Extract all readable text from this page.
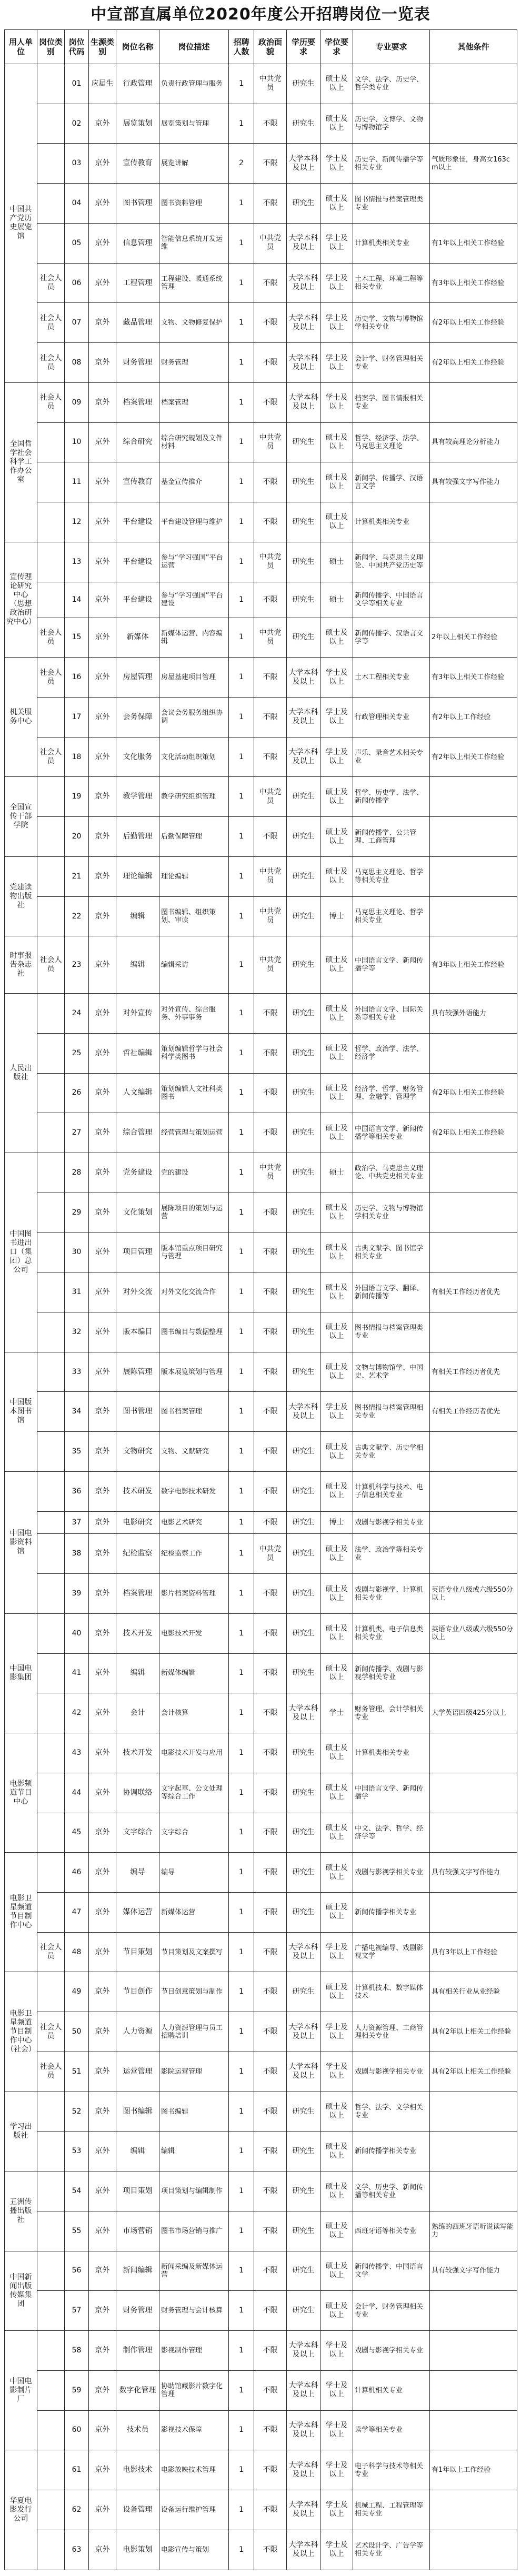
中宣部直属单位2020年度公开招聘岗位一览表
用人单位	岗位类别	岗位代码	生源类别	岗位名称	岗位描述	招聘人数	政治面貌	学历要求	学位要求	专业要求	其他条件
中国共产党历史展览馆		01	应届生	行政管理	负责行政管理与服务	1	中共党员	研究生	硕士及以上	文学、法学、历史学、哲学类专业	
		02	京外	展览策划	展览策划与管理	1	不限	研究生	硕士及以上	历史学、文博学、文物与博物馆学	
		03	京外	宣传教育	展览讲解	2	不限	大学本科及以上	学士及以上	历史学、新闻传播学等相关专业	气质形象佳，身高女163cm以上
		04	京外	图书管理	图书资料管理	1	不限	研究生	硕士及以上	图书情报与档案管理类专业	
		05	京外	信息管理	智能信息系统开发运维	1	中共党员	大学本科及以上	学士及以上	计算机类相关专业	有1年以上相关工作经验
	社会人员	06	京外	工程管理	工程建设、暖通系统管理	1	不限	大学本科及以上	学士及以上	土木工程、环境工程等相关专业	有3年以上相关工作经验
	社会人员	07	京外	藏品管理	文物、文物修复保护	1	不限	大学本科及以上	学士及以上	历史学、文物与博物馆学相关专业	有2年以上相关工作经验
	社会人员	08	京外	财务管理	财务管理	1	不限	大学本科及以上	学士及以上	会计学、财务管理相关专业	有2年以上相关工作经验
全国哲学社会科学工作办公室	社会人员	09	京外	档案管理	档案管理	1	不限	大学本科及以上	学士及以上	档案学、图书情报相关专业	
		10	京外	综合研究	综合研究规划及文件材料	1	中共党员	研究生	硕士及以上	哲学、经济学、法学、马克思主义理论	具有较高理论分析能力
		11	京外	宣传教育	基金宣传推介	1	不限	研究生	硕士及以上	新闻学、传播学、汉语言文学	具有较强文字写作能力
		12	京外	平台建设	平台建设管理与维护	1	不限	研究生	硕士及以上	计算机类相关专业	
宣传理论研究中心（思想政治研究中心）		13	京外	平台建设	参与“学习强国”平台运营	1	中共党员	研究生	硕士	新闻学、马克思主义理论、中国共产党历史等	
		14	京外	平台建设	参与“学习强国”平台建设	1	不限	研究生	硕士	新闻传播学、中国语言文学等相关专业	
	社会人员	15	京外	新媒体	新媒体运营、内容编辑	1	中共党员	研究生	硕士及以上	新闻传播学、汉语言文学等	2年以上相关工作经验
机关服务中心	社会人员	16	京外	房屋管理	房屋基建项目管理	1	不限	大学本科及以上	学士及以上	土木工程相关专业	有3年以上相关工作经验
		17	京外	会务保障	会议会务服务组织协调	1	不限	大学本科及以上	学士及以上	行政管理相关专业	有2年以上工作经验
	社会人员	18	京外	文化服务	文化活动组织策划	1	不限	大学本科及以上	学士及以上	声乐、录音艺术相关专业	有2年以上相关工作经验
全国宣传干部学院		19	京外	教学管理	教学研究组织管理	1	中共党员	研究生	硕士及以上	哲学、历史学、法学、新闻传播学	
		20	京外	后勤管理	后勤保障管理	1	不限	研究生	硕士及以上	新闻传播学、公共管理、工商管理	
党建读物出版社		21	京外	理论编辑	理论编辑	1	中共党员	研究生	硕士及以上	马克思主义理论、哲学等相关专业	
		22	京外	编辑	图书编辑、组织策划、审读	1	中共党员	研究生	博士	马克思主义理论、哲学相关专业	
时事报告杂志社	社会人员	23	京外	编辑	编辑采访	1	中共党员	研究生	硕士及以上	中国语言文学、新闻传播学等	有3年以上相关工作经验
人民出版社		24	京外	对外宣传	对外宣传、综合服务、外事事务	1	不限	研究生	硕士及以上	外国语言文学、国际关系等相关专业	具有较强外语能力
		25	京外	哲社编辑	策划编辑哲学与社会科学类图书	1	不限	研究生	硕士及以上	哲学、政治学、法学、经济学	
		26	京外	人文编辑	策划编辑人文社科类图书	1	不限	研究生	硕士及以上	经济学、哲学、财务管理、金融学、管理学	有2年以上相关工作经验
		27	京外	综合管理	经营管理与策划运营	1	不限	研究生	硕士及以上	中国语言文学、新闻传播学等相关专业	有2年以上相关工作经验
中国图书进出口（集团）总公司		28	京外	党务建设	党的建设	1	中共党员	研究生	硕士	政治学、马克思主义理论、中共党史相关专业	
		29	京外	文化策划	展陈项目的策划与运营	1	不限	研究生	硕士及以上	历史学、文物与博物馆学相关专业	
		30	京外	项目管理	版本馆重点项目研究与管理	1	不限	研究生	硕士及以上	古典文献学、图书馆学相关专业	
		31	京外	对外交流	对外文化交流合作	1	不限	研究生	硕士及以上	外国语言文学、翻译、新闻传播等	有相关工作经历者优先
		32	京外	版本编目	图书编目与数据整理	1	不限	研究生	硕士及以上	图书情报与档案管理类专业	
中国版本图书馆		33	京外	展陈管理	版本展览策划与管理	1	不限	研究生	硕士及以上	文物与博物馆学、中国史、艺术学	有相关工作经历者优先
		34	京外	图书管理	图书档案管理	1	不限	大学本科及以上	学士及以上	图书情报与档案管理相关专业	有相关工作经历者优先
		35	京外	文物研究	文物、文献研究	1	不限	研究生	硕士及以上	古典文献学、历史学相关专业	
中国电影资料馆		36	京外	技术研发	数字电影技术研发	1	不限	研究生	硕士及以上	计算机科学与技术、电子信息相关专业	
		37	京外	电影研究	电影艺术研究	1	不限	研究生	博士	戏剧与影视学相关专业	
		38	京外	纪检监察	纪检监察工作	1	中共党员	研究生	硕士及以上	法学、政治学等相关专业	
		39	京外	档案管理	影片档案资料管理	1	不限	研究生	硕士及以上	戏剧与影视学、计算机相关专业	英语专业八级或六级550分以上
中国电影集团		40	京外	技术开发	电影技术开发	1	不限	研究生	硕士及以上	计算机类、电子信息类相关专业	英语专业八级或六级550分以上
		41	京外	编辑	新媒体编辑	1	不限	研究生	硕士及以上	新闻传播学、戏剧与影视学相关专业	
		42	京外	会计	会计核算	1	不限	大学本科及以上	学士	财务管理、会计学相关专业	大学英语四级425分以上
电影频道节目中心		43	京外	技术开发	电影技术开发与应用	1	不限	研究生	硕士及以上	计算机类相关专业	
		44	京外	协调联络	文字起草、公文处理等综合工作	1	不限	研究生	硕士及以上	中国语言文学、新闻传播学	
		45	京外	文字综合	文字综合	1	不限	研究生	硕士及以上	中文、法学、哲学、经济学等	
电影卫星频道节目制作中心		46	京外	编导	编导	1	不限	研究生	硕士及以上	戏剧与影视学相关专业	具有较强文字写作能力
		47	京外	媒体运营	新媒体运营	1	不限	研究生	硕士及以上	新闻传播学相关专业	
	社会人员	48	京外	节目策划	节目策划及文案撰写	1	不限	大学本科及以上	学士及以上	广播电视编导、戏剧影视文学	具有3年以上工作经验
电影卫星频道节目制作中心（社会）		49	京外	节目创作	节目创意策划与制作	1	不限	研究生	硕士及以上	计算机技术、数字媒体技术	具有相关行业从业经验
	社会人员	50	京外	人力资源	人力资源管理与员工招聘培训	1	不限	大学本科及以上	学士及以上	人力资源管理、工商管理相关专业	具有2年以上相关工作经验
	社会人员	51	京外	运营管理	影院运营管理	1	不限	大学本科及以上	学士及以上	戏剧与影视学相关专业	具有2年以上相关工作经验
学习出版社		52	京外	图书编辑	图书编辑	1	不限	研究生	硕士及以上	哲学、法学、文学相关专业	
		53	京外	编辑	编辑	1	不限	研究生	硕士及以上	新闻传播学相关专业	
五洲传播出版社		54	京外	项目策划	项目策划与编辑制作	1	不限	研究生	硕士及以上	文学、历史学、新闻传播等相关专业	
		55	京外	市场营销	图书市场营销与推广	1	不限	研究生	硕士及以上	西班牙语等相关专业	熟练的西班牙语听说读写能力
中国新闻出版传媒集团		56	京外	新闻编辑	新闻采编及新媒体运营	1	不限	研究生	硕士及以上	新闻传播学、中国语言文学	具有较强文字写作能力
		57	京外	财务管理	财务管理与会计核算	1	不限	研究生	硕士及以上	会计学、财务管理相关专业	
中国电影制片厂		58	京外	制作管理	影视制作管理	1	不限	大学本科及以上	学士及以上	戏剧与影视学相关专业	
		59	京外	数字化管理	协助馆藏影片数字化管理	1	不限	大学本科及以上	学士及以上	计算机相关专业	
		60	京外	技术员	影视技术保障	1	不限	大学本科及以上	学士及以上	读学等相关专业	
华夏电影发行公司		61	京外	电影技术	电影放映技术管理	1	不限	大学本科及以上	学士及以上	电子科学与技术等相关专业	有1年以上工作经验
		62	京外	设备管理	设备运行维护管理	1	不限	大学本科及以上	学士及以上	机械工程、工程管理等相关专业	
		63	京外	电影策划	电影宣传与策划	1	不限	大学本科及以上	学士及以上	艺术设计学、广告学等相关专业	
